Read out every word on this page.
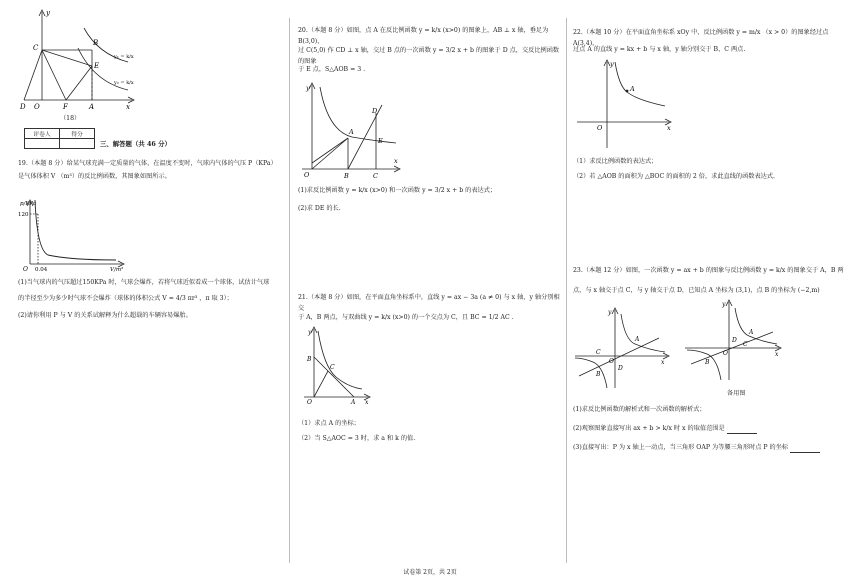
y
C
B
E
y₁ = k/x
y₂ = k/x
D O	F	A	x
（18）
评卷人	得分

三、解答题（共 46 分）
19.（本题 8 分）给某气球充满一定质量的气体，在温度不变时，气球内气体的气压 P（KPa）
是气体体积 V （m³）的反比例函数，其图象如图所示。
p/KPa
120
O 0.04	V/m³
(1)当气球内的气压超过150KPa 时，气球会爆炸，若将气球近似看成一个球体，试估计气球
的半径至少为多少时气球不会爆炸（球体的体积公式 V = 4/3 πr³ ，π 取 3）；
(2)请你利用 P 与 V 的关系试解释为什么超载的车辆容易爆胎。
20.（本题 8 分）如图，点 A 在反比例函数 y = k/x (x>0) 的图象上，AB ⊥ x 轴，垂足为 B(3,0)，
过 C(5,0) 作 CD ⊥ x 轴，交过 B 点的一次函数 y = 3/2 x + b 的图象于 D 点，交反比例函数的图象
于 E 点，S△AOB = 3 .
y
A
D
E
O	B	C
x
(1)求反比例函数 y = k/x (x>0) 和一次函数 y = 3/2 x + b 的表达式；
(2)求 DE 的长.
21.（本题 8 分）如图，在平面直角坐标系中，直线 y = ax − 3a (a ≠ 0) 与 x 轴，y 轴分别相交
于 A，B 两点，与双曲线 y = k/x (x>0) 的一个交点为 C，且 BC = 1/2 AC .
y
B
C
O	A x
（1）求点 A 的坐标；
（2）当 S△AOC = 3 时，求 a 和 k 的值.
22.（本题 10 分）在平面直角坐标系 xOy 中，反比例函数 y = m/x （x > 0）的图象经过点 A(3,4)，
过点 A 的直线 y = kx + b 与 x 轴，y 轴分别交于 B，C 两点.
y
A
O	x
（1）求反比例函数的表达式；
（2）若 △AOB 的面积为 △BOC 的面积的 2 倍，求此直线的函数表达式.
23.（本题 12 分）如图，一次函数 y = ax + b 的图象与反比例函数 y = k/x 的图象交于 A，B 两
点，与 x 轴交于点 C，与 y 轴交于点 D，已知点 A 坐标为 (3,1)，点 B 的坐标为 (−2,m)
y
A
C
O
D
B
x
y
A
C
O
D
B
x
备用图
(1)求反比例函数的解析式和一次函数的解析式；
(2)观察图象直接写出 ax + b > k/x 时 x 的取值范围是
(3)直接写出：P 为 x 轴上一动点，当三角形 OAP 为等腰三角形时点 P 的坐标
试卷第 2页，共 2页
